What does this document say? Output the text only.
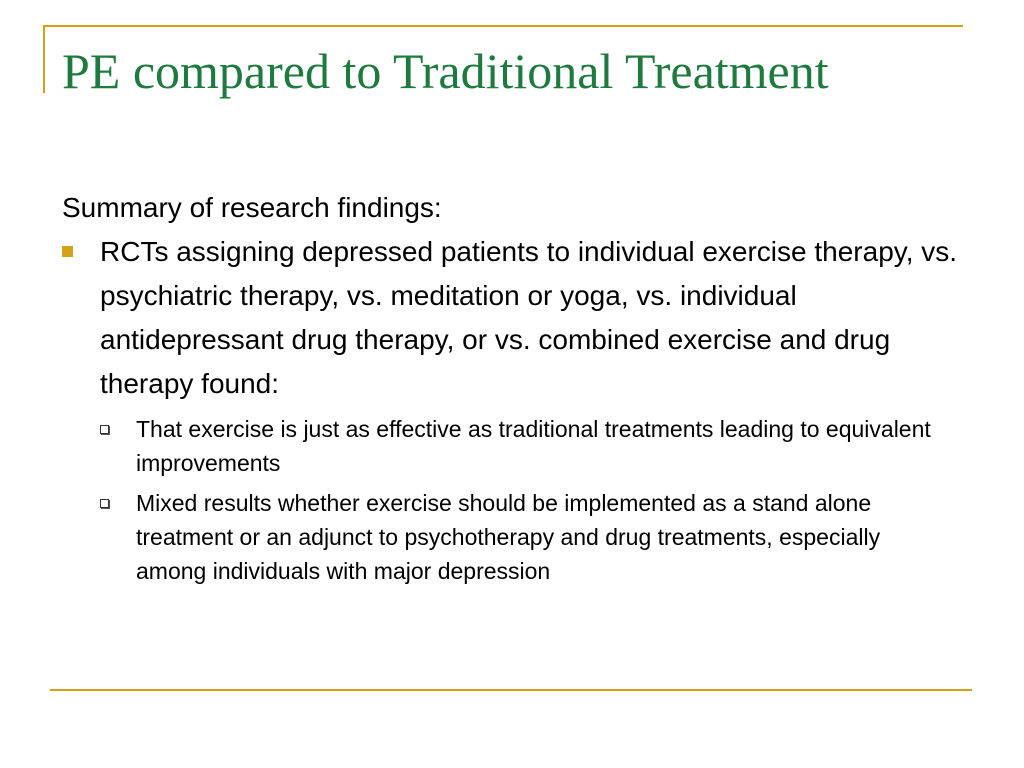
PE compared to Traditional Treatment

Summary of research findings:

RCTs assigning depressed patients to individual exercise therapy, vs. psychiatric therapy, vs. meditation or yoga, vs. individual antidepressant drug therapy, or vs. combined exercise and drug therapy found:
That exercise is just as effective as traditional treatments leading to equivalent improvements
Mixed results whether exercise should be implemented as a stand alone treatment or an adjunct to psychotherapy and drug treatments, especially among individuals with major depression
